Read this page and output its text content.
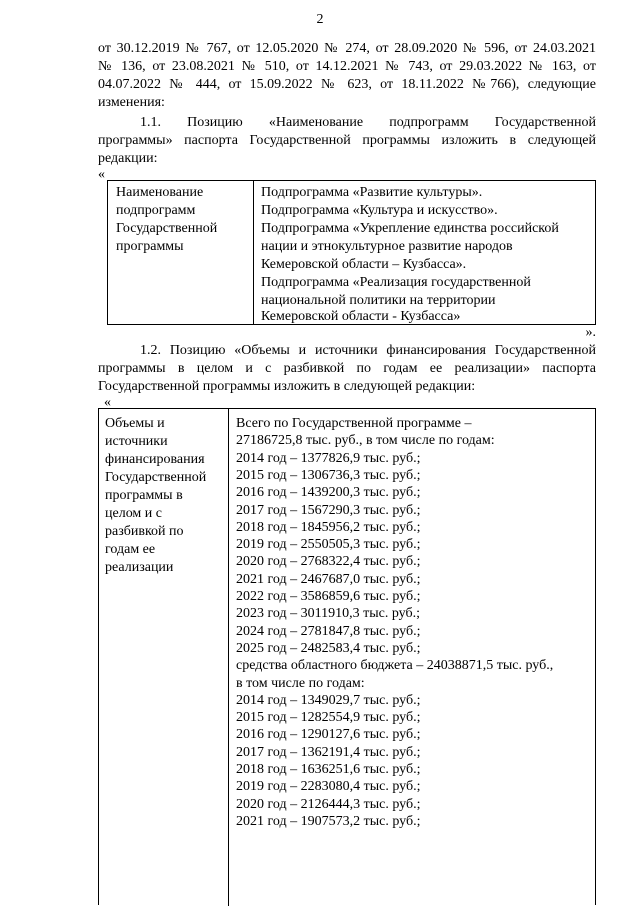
2
от 30.12.2019 № 767, от 12.05.2020 № 274, от 28.09.2020 № 596, от 24.03.2021
№ 136, от 23.08.2021 № 510, от 14.12.2021 № 743, от 29.03.2022 № 163, от
04.07.2022 № 444, от 15.09.2022 № 623, от 18.11.2022 №766), следующие
изменения:
1.1. Позицию «Наименование подпрограмм Государственной
программы» паспорта Государственной программы изложить в следующей
редакции:
«
Наименование
подпрограмм
Государственной
программы
Подпрограмма «Развитие культуры».
Подпрограмма «Культура и искусство».
Подпрограмма «Укрепление единства российской
нации и этнокультурное развитие народов
Кемеровской области – Кузбасса».
Подпрограмма «Реализация государственной
национальной политики на территории
Кемеровской области - Кузбасса»
».
1.2. Позицию «Объемы и источники финансирования Государственной
программы в целом и с разбивкой по годам ее реализации» паспорта
Государственной программы изложить в следующей редакции:
«
Объемы и
источники
финансирования
Государственной
программы в
целом и с
разбивкой по
годам ее
реализации
Всего по Государственной программе –
27186725,8 тыс. руб., в том числе по годам:
2014 год – 1377826,9 тыс. руб.;
2015 год – 1306736,3 тыс. руб.;
2016 год – 1439200,3 тыс. руб.;
2017 год – 1567290,3 тыс. руб.;
2018 год – 1845956,2 тыс. руб.;
2019 год – 2550505,3 тыс. руб.;
2020 год – 2768322,4 тыс. руб.;
2021 год – 2467687,0 тыс. руб.;
2022 год – 3586859,6 тыс. руб.;
2023 год – 3011910,3 тыс. руб.;
2024 год – 2781847,8 тыс. руб.;
2025 год – 2482583,4 тыс. руб.;
средства областного бюджета – 24038871,5 тыс. руб.,
в том числе по годам:
2014 год – 1349029,7 тыс. руб.;
2015 год – 1282554,9 тыс. руб.;
2016 год – 1290127,6 тыс. руб.;
2017 год – 1362191,4 тыс. руб.;
2018 год – 1636251,6 тыс. руб.;
2019 год – 2283080,4 тыс. руб.;
2020 год – 2126444,3 тыс. руб.;
2021 год – 1907573,2 тыс. руб.;
